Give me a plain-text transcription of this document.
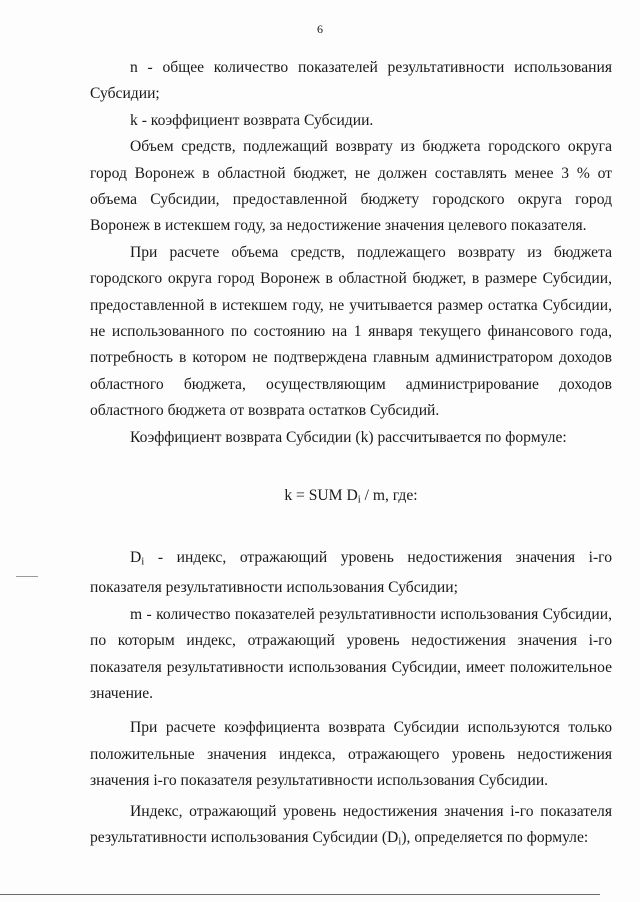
6

n - общее количество показателей результативности использования Субсидии;

k - коэффициент возврата Субсидии.

Объем средств, подлежащий возврату из бюджета городского округа город Воронеж в областной бюджет, не должен составлять менее 3 % от объема Субсидии, предоставленной бюджету городского округа город Воронеж в истекшем году, за недостижение значения целевого показателя.

При расчете объема средств, подлежащего возврату из бюджета городского округа город Воронеж в областной бюджет, в размере Субсидии, предоставленной в истекшем году, не учитывается размер остатка Субсидии, не использованного по состоянию на 1 января текущего финансового года, потребность в котором не подтверждена главным администратором доходов областного бюджета, осуществляющим администрирование доходов областного бюджета от возврата остатков Субсидий.

Коэффициент возврата Субсидии (k) рассчитывается по формуле:

k = SUM $D_i$ / m, где:

$D_i$ - индекс, отражающий уровень недостижения значения i-го показателя результативности использования Субсидии;

m - количество показателей результативности использования Субсидии, по которым индекс, отражающий уровень недостижения значения i-го показателя результативности использования Субсидии, имеет положительное значение.

При расчете коэффициента возврата Субсидии используются только положительные значения индекса, отражающего уровень недостижения значения i-го показателя результативности использования Субсидии.

Индекс, отражающий уровень недостижения значения i-го показателя результативности использования Субсидии $(D_i)$, определяется по формуле:
